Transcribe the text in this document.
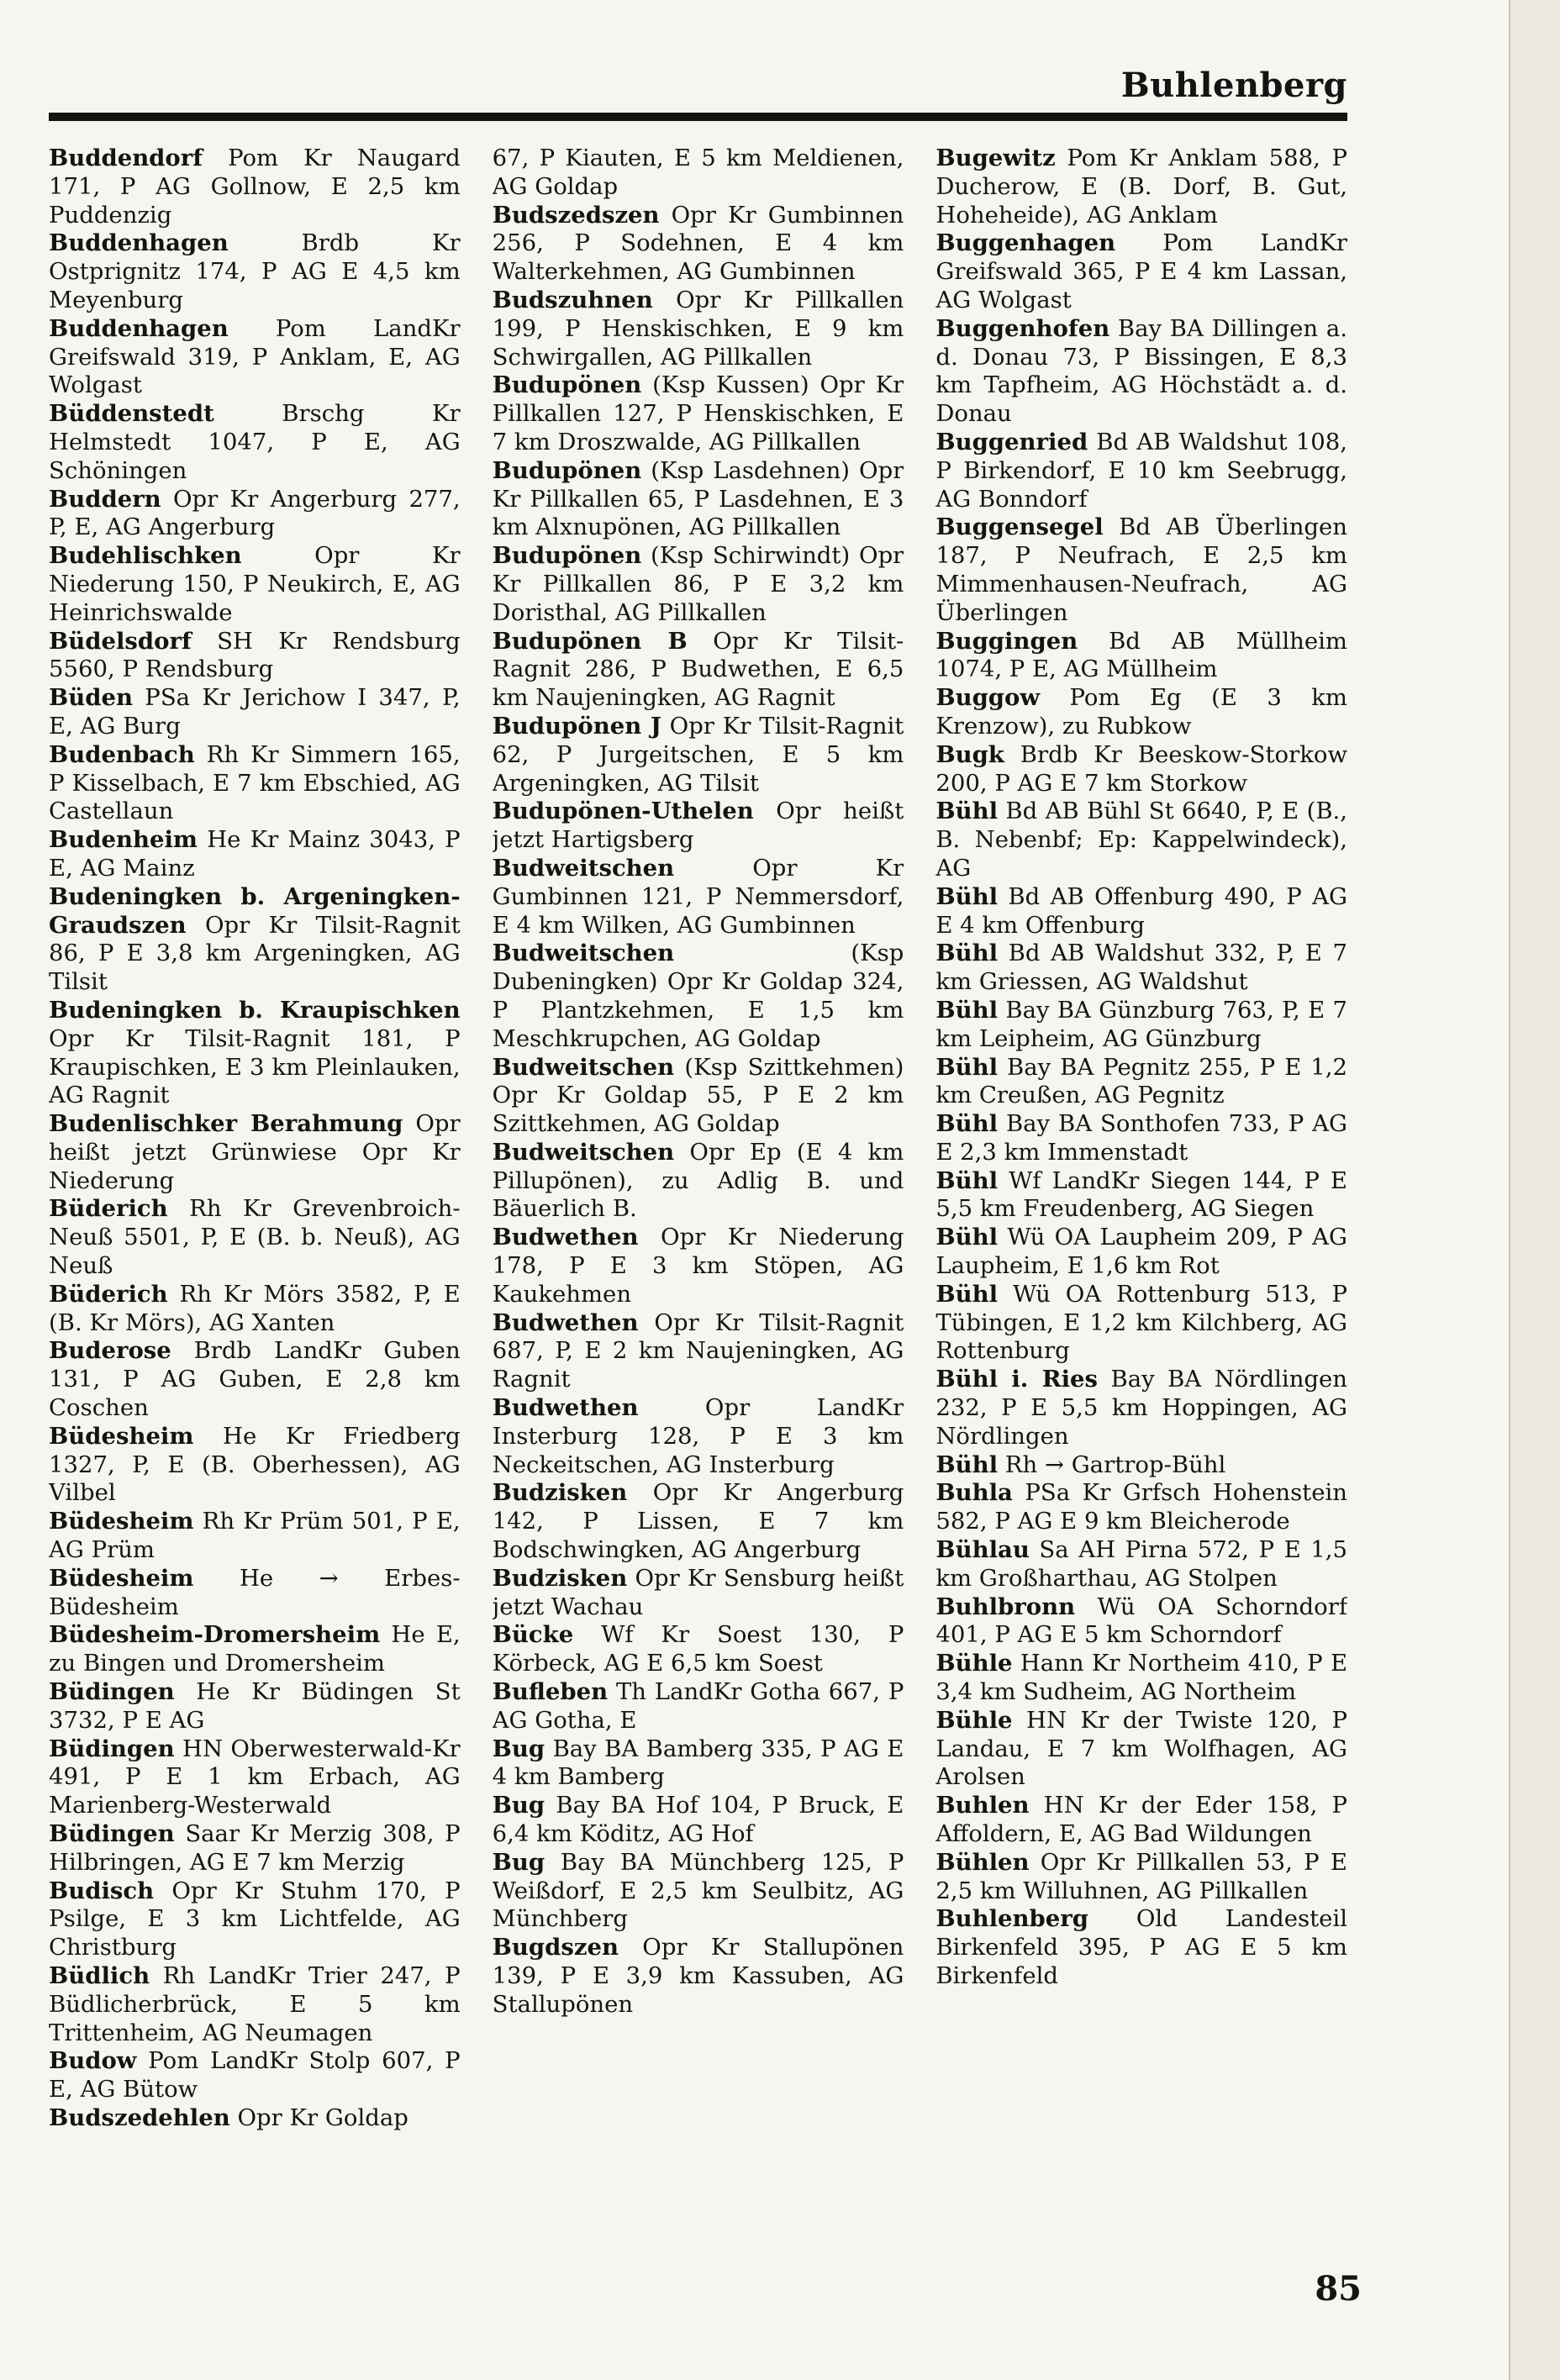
Buhlenberg

Buddendorf Pom Kr Naugard 171, P AG Gollnow, E 2,5 km Puddenzig

Buddenhagen Brdb Kr Ostprignitz 174, P AG E 4,5 km Meyenburg

Buddenhagen Pom LandKr Greifswald 319, P Anklam, E, AG Wolgast

Büddenstedt Brschg Kr Helmstedt 1047, P E, AG Schöningen

Buddern Opr Kr Angerburg 277, P, E, AG Angerburg

Budehlischken Opr Kr Niederung 150, P Neukirch, E, AG Heinrichswalde

Büdelsdorf SH Kr Rendsburg 5560, P Rendsburg

Büden PSa Kr Jerichow I 347, P, E, AG Burg

Budenbach Rh Kr Simmern 165, P Kisselbach, E 7 km Ebschied, AG Castellaun

Budenheim He Kr Mainz 3043, P E, AG Mainz

Budeningken b. Argeningken-Graudszen Opr Kr Tilsit-Ragnit 86, P E 3,8 km Argeningken, AG Tilsit

Budeningken b. Kraupischken Opr Kr Tilsit-Ragnit 181, P Kraupischken, E 3 km Pleinlauken, AG Ragnit

Budenlischker Berahmung Opr heißt jetzt Grünwiese Opr Kr Niederung

Büderich Rh Kr Grevenbroich-Neuß 5501, P, E (B. b. Neuß), AG Neuß

Büderich Rh Kr Mörs 3582, P, E (B. Kr Mörs), AG Xanten

Buderose Brdb LandKr Guben 131, P AG Guben, E 2,8 km Coschen

Büdesheim He Kr Friedberg 1327, P, E (B. Oberhessen), AG Vilbel

Büdesheim Rh Kr Prüm 501, P E, AG Prüm

Büdesheim He → Erbes-Büdesheim

Büdesheim-Dromersheim He E, zu Bingen und Dromersheim

Büdingen He Kr Büdingen St 3732, P E AG

Büdingen HN Oberwesterwald-Kr 491, P E 1 km Erbach, AG Marienberg-Westerwald

Büdingen Saar Kr Merzig 308, P Hilbringen, AG E 7 km Merzig

Budisch Opr Kr Stuhm 170, P Psilge, E 3 km Lichtfelde, AG Christburg

Büdlich Rh LandKr Trier 247, P Büdlicherbrück, E 5 km Trittenheim, AG Neumagen

Budow Pom LandKr Stolp 607, P E, AG Bütow

Budszedehlen Opr Kr Goldap

67, P Kiauten, E 5 km Meldienen, AG Goldap

Budszedszen Opr Kr Gumbinnen 256, P Sodehnen, E 4 km Walterkehmen, AG Gumbinnen

Budszuhnen Opr Kr Pillkallen 199, P Henskischken, E 9 km Schwirgallen, AG Pillkallen

Budupönen (Ksp Kussen) Opr Kr Pillkallen 127, P Henskischken, E 7 km Droszwalde, AG Pillkallen

Budupönen (Ksp Lasdehnen) Opr Kr Pillkallen 65, P Lasdehnen, E 3 km Alxnupönen, AG Pillkallen

Budupönen (Ksp Schirwindt) Opr Kr Pillkallen 86, P E 3,2 km Doristhal, AG Pillkallen

Budupönen B Opr Kr Tilsit-Ragnit 286, P Budwethen, E 6,5 km Naujeningken, AG Ragnit

Budupönen J Opr Kr Tilsit-Ragnit 62, P Jurgeitschen, E 5 km Argeningken, AG Tilsit

Budupönen-Uthelen Opr heißt jetzt Hartigsberg

Budweitschen Opr Kr Gumbinnen 121, P Nemmersdorf, E 4 km Wilken, AG Gumbinnen

Budweitschen (Ksp Dubeningken) Opr Kr Goldap 324, P Plantzkehmen, E 1,5 km Meschkrupchen, AG Goldap

Budweitschen (Ksp Szittkehmen) Opr Kr Goldap 55, P E 2 km Szittkehmen, AG Goldap

Budweitschen Opr Ep (E 4 km Pillupönen), zu Adlig B. und Bäuerlich B.

Budwethen Opr Kr Niederung 178, P E 3 km Stöpen, AG Kaukehmen

Budwethen Opr Kr Tilsit-Ragnit 687, P, E 2 km Naujeningken, AG Ragnit

Budwethen Opr LandKr Insterburg 128, P E 3 km Neckeitschen, AG Insterburg

Budzisken Opr Kr Angerburg 142, P Lissen, E 7 km Bodschwingken, AG Angerburg

Budzisken Opr Kr Sensburg heißt jetzt Wachau

Bücke Wf Kr Soest 130, P Körbeck, AG E 6,5 km Soest

Bufleben Th LandKr Gotha 667, P AG Gotha, E

Bug Bay BA Bamberg 335, P AG E 4 km Bamberg

Bug Bay BA Hof 104, P Bruck, E 6,4 km Köditz, AG Hof

Bug Bay BA Münchberg 125, P Weißdorf, E 2,5 km Seulbitz, AG Münchberg

Bugdszen Opr Kr Stallupönen 139, P E 3,9 km Kassuben, AG Stallupönen

Bugewitz Pom Kr Anklam 588, P Ducherow, E (B. Dorf, B. Gut, Hoheheide), AG Anklam

Buggenhagen Pom LandKr Greifswald 365, P E 4 km Lassan, AG Wolgast

Buggenhofen Bay BA Dillingen a. d. Donau 73, P Bissingen, E 8,3 km Tapfheim, AG Höchstädt a. d. Donau

Buggenried Bd AB Waldshut 108, P Birkendorf, E 10 km Seebrugg, AG Bonndorf

Buggensegel Bd AB Überlingen 187, P Neufrach, E 2,5 km Mimmenhausen-Neufrach, AG Überlingen

Buggingen Bd AB Müllheim 1074, P E, AG Müllheim

Buggow Pom Eg (E 3 km Krenzow), zu Rubkow

Bugk Brdb Kr Beeskow-Storkow 200, P AG E 7 km Storkow

Bühl Bd AB Bühl St 6640, P, E (B., B. Nebenbf; Ep: Kappelwindeck), AG

Bühl Bd AB Offenburg 490, P AG E 4 km Offenburg

Bühl Bd AB Waldshut 332, P, E 7 km Griessen, AG Waldshut

Bühl Bay BA Günzburg 763, P, E 7 km Leipheim, AG Günzburg

Bühl Bay BA Pegnitz 255, P E 1,2 km Creußen, AG Pegnitz

Bühl Bay BA Sonthofen 733, P AG E 2,3 km Immenstadt

Bühl Wf LandKr Siegen 144, P E 5,5 km Freudenberg, AG Siegen

Bühl Wü OA Laupheim 209, P AG Laupheim, E 1,6 km Rot

Bühl Wü OA Rottenburg 513, P Tübingen, E 1,2 km Kilchberg, AG Rottenburg

Bühl i. Ries Bay BA Nördlingen 232, P E 5,5 km Hoppingen, AG Nördlingen

Bühl Rh → Gartrop-Bühl

Buhla PSa Kr Grfsch Hohenstein 582, P AG E 9 km Bleicherode

Bühlau Sa AH Pirna 572, P E 1,5 km Großharthau, AG Stolpen

Buhlbronn Wü OA Schorndorf 401, P AG E 5 km Schorndorf

Bühle Hann Kr Northeim 410, P E 3,4 km Sudheim, AG Northeim

Bühle HN Kr der Twiste 120, P Landau, E 7 km Wolfhagen, AG Arolsen

Buhlen HN Kr der Eder 158, P Affoldern, E, AG Bad Wildungen

Bühlen Opr Kr Pillkallen 53, P E 2,5 km Willuhnen, AG Pillkallen

Buhlenberg Old Landesteil Birkenfeld 395, P AG E 5 km Birkenfeld

85
